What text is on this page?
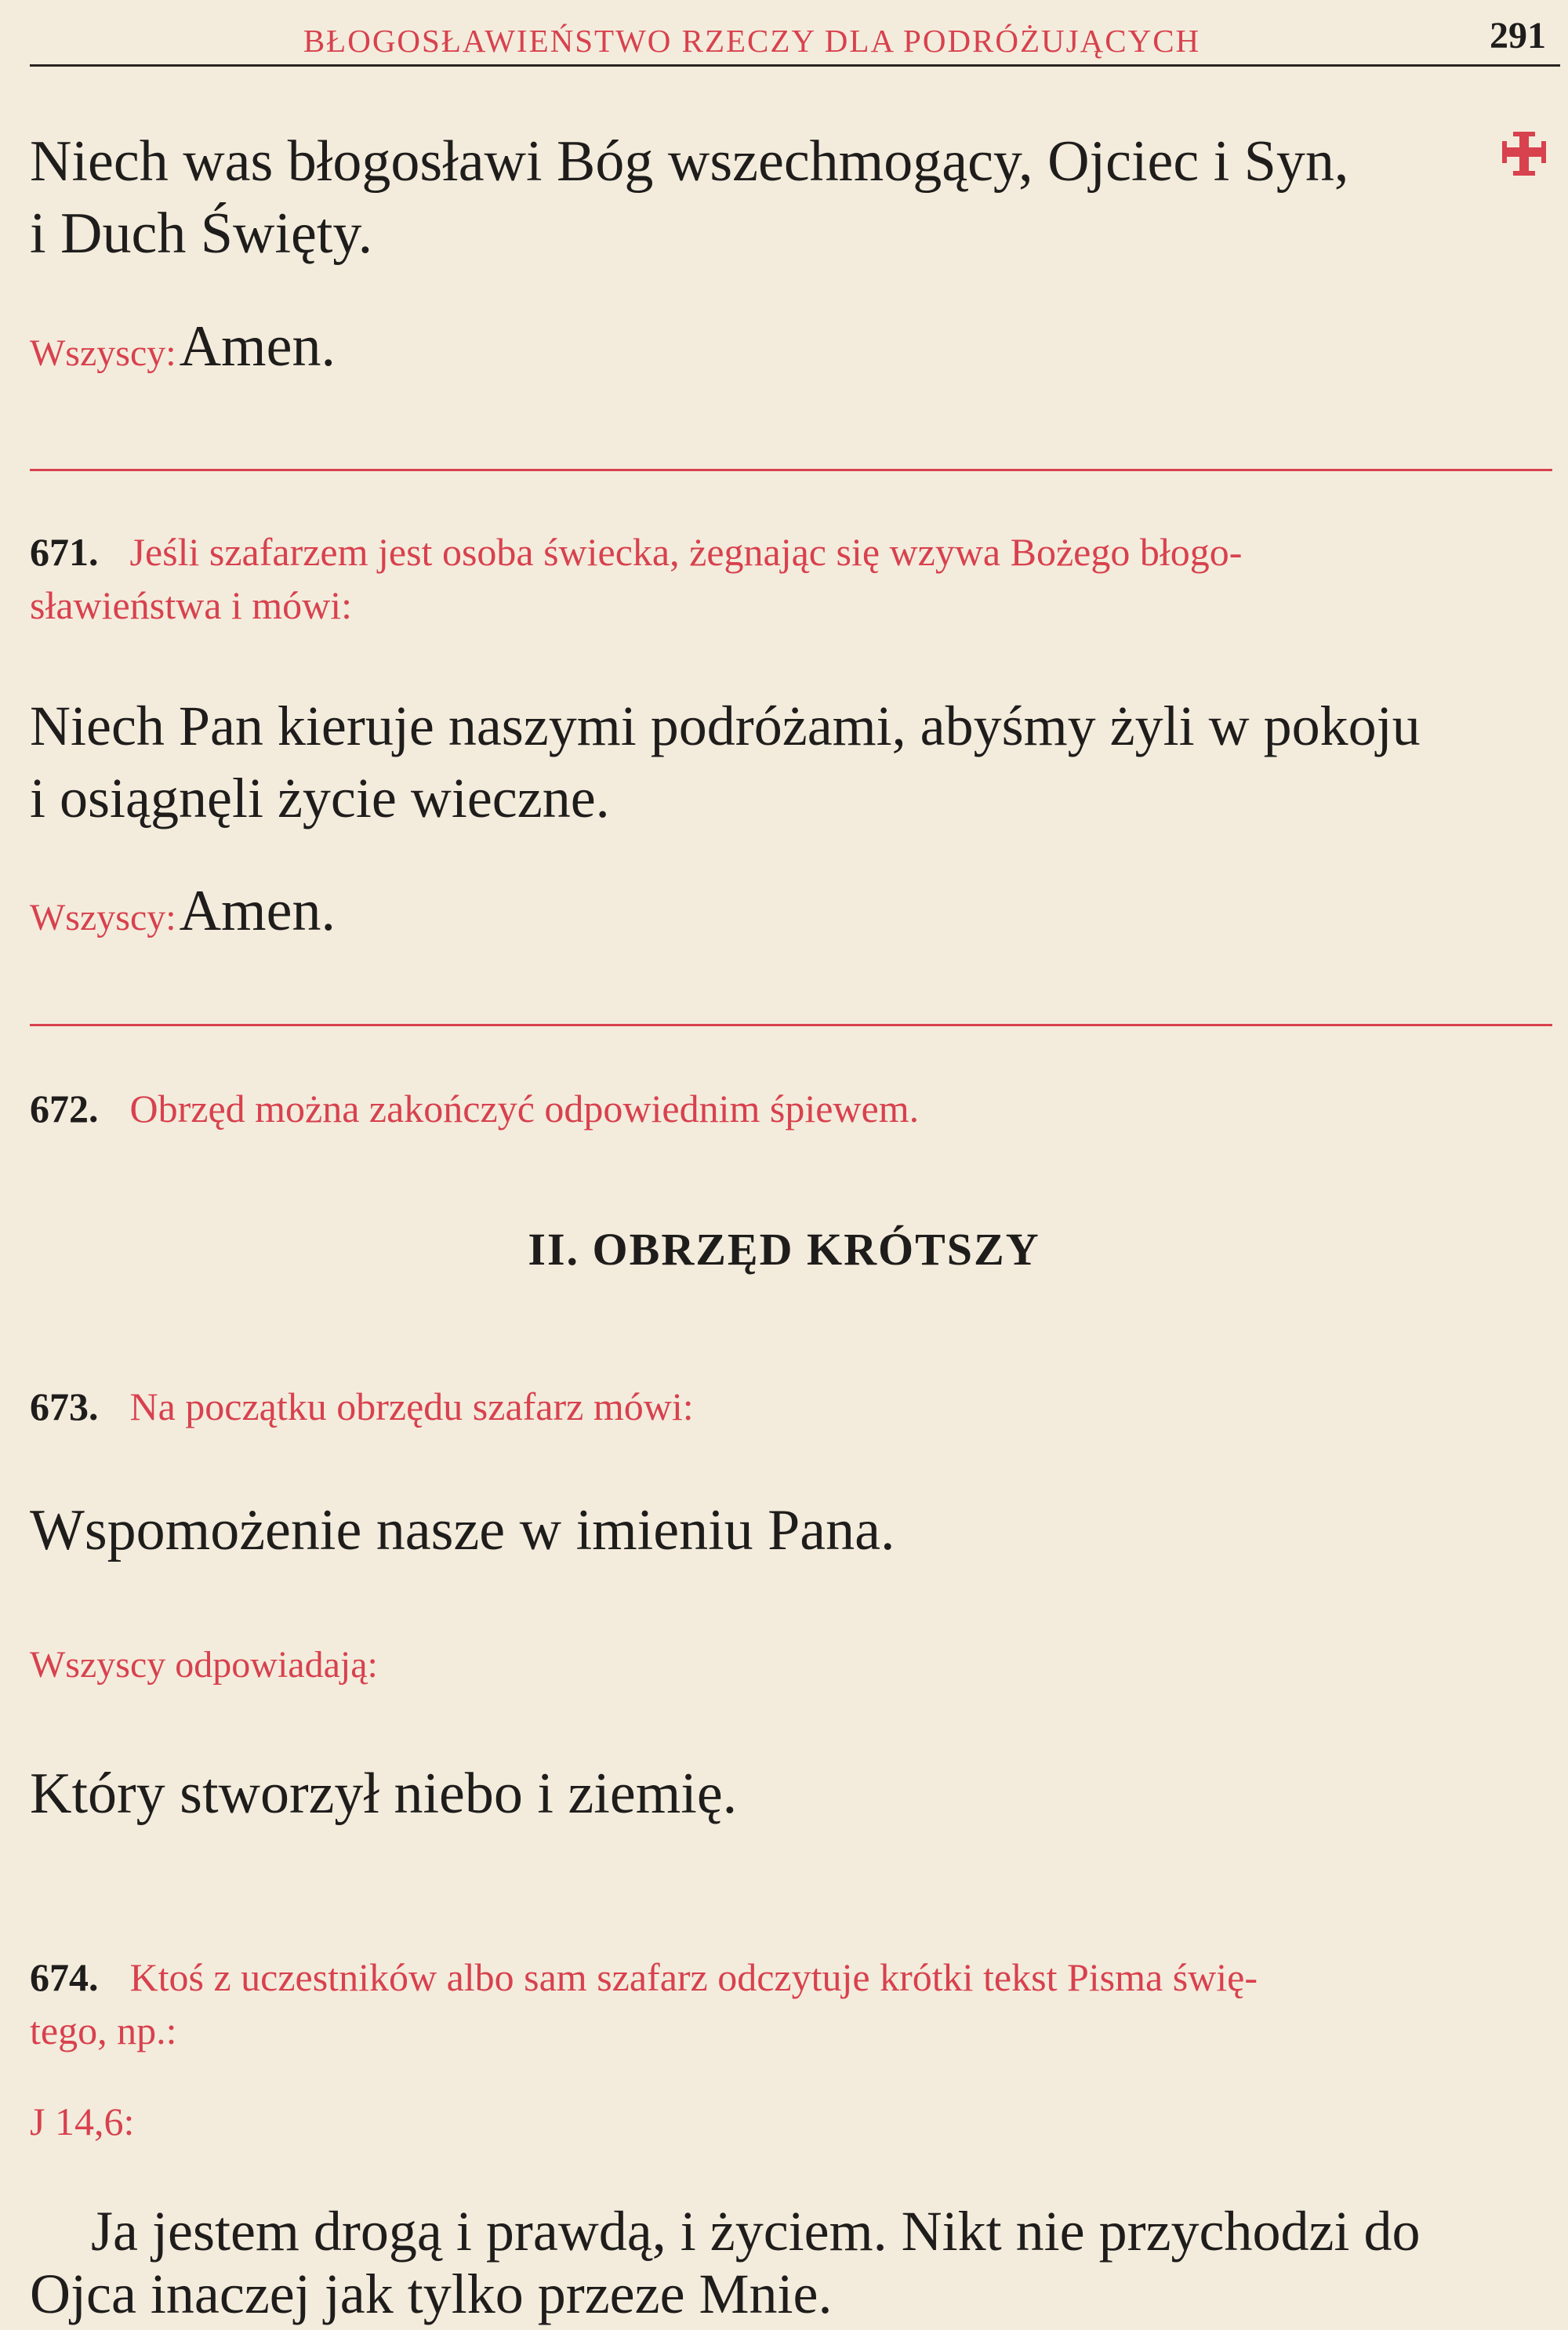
BŁOGOSŁAWIEŃSTWO RZECZY DLA PODRÓŻUJĄCYCH	291

Niech was błogosławi Bóg wszechmogący, Ojciec i Syn,

i Duch Święty.

Wszyscy: Amen.

671. Jeśli szafarzem jest osoba świecka, żegnając się wzywa Bożego błogo-

sławieństwa i mówi:

Niech Pan kieruje naszymi podróżami, abyśmy żyli w pokoju

i osiągnęli życie wieczne.

Wszyscy: Amen.

672. Obrzęd można zakończyć odpowiednim śpiewem.

II. OBRZĘD KRÓTSZY

673. Na początku obrzędu szafarz mówi:

Wspomożenie nasze w imieniu Pana.

Wszyscy odpowiadają:

Który stworzył niebo i ziemię.

674. Ktoś z uczestników albo sam szafarz odczytuje krótki tekst Pisma świę-

tego, np.:

J 14,6:

Ja jestem drogą i prawdą, i życiem. Nikt nie przychodzi do

Ojca inaczej jak tylko przeze Mnie.
